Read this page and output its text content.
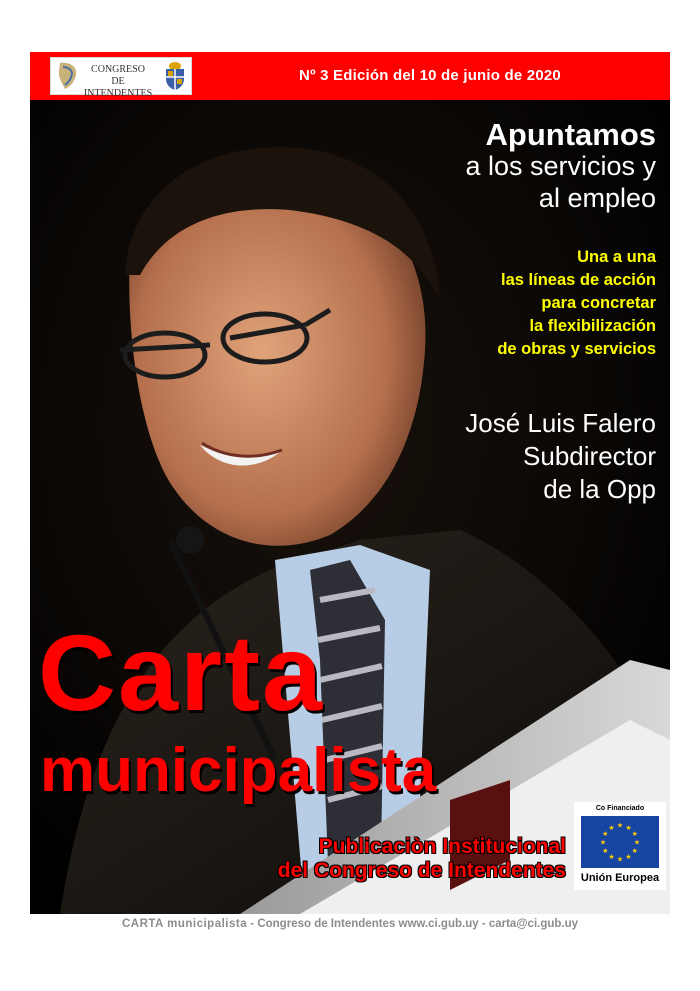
CONGRESO
DE INTENDENTES
Nº 3 Edición del 10 de junio de 2020
Apuntamos
a los servicios y
al empleo
Una a una
las líneas de acción
para concretar
la flexibilización
de obras y servicios
José Luis Falero
Subdirector
de la Opp
Carta
municipalista
Publicaciòn Institucional
del Congreso de Intendentes
Co Financiado
★
★
★
★
★
★
★
★
★ ★ ★
★
Unión Europea
CARTA municipalista - Congreso de Intendentes www.ci.gub.uy - carta@ci.gub.uy
